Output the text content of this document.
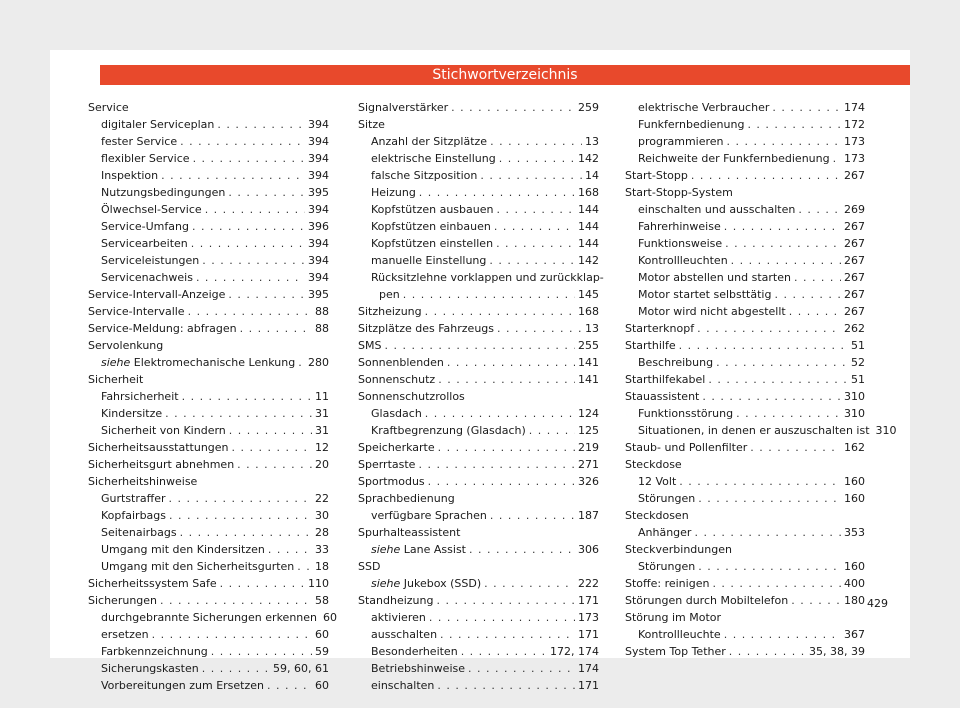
Stichwortverzeichnis
Service
digitaler Serviceplan . . .	394
fester Service . . .	394
flexibler Service . . .	394
Inspektion . . .	394
Nutzungsbedingungen . . .	395
Ölwechsel-Service . . .	394
Service-Umfang . . .	396
Servicearbeiten . . .	394
Serviceleistungen . . .	394
Servicenachweis . . .	394
Service-Intervall-Anzeige . . .	395
Service-Intervalle . . .	88
Service-Meldung: abfragen . . .	88
Servolenkung
siehe Elektromechanische Lenkung . . . 280
Sicherheit
Fahrsicherheit . . .	11
Kindersitze . . .	31
Sicherheit von Kindern . . .	31
Sicherheitsausstattungen . . .	12
Sicherheitsgurt abnehmen . . .	20
Sicherheitshinweise
Gurtstraffer . . .	22
Kopfairbags . . .	30
Seitenairbags . . .	28
Umgang mit den Kindersitzen . . .	33
Umgang mit den Sicherheitsgurten . . . 18
Sicherheitssystem Safe . . .	110
Sicherungen . . .	58
durchgebrannte Sicherungen erkennen 60
ersetzen . . .	60
Farbkennzeichnung . . .	59
Sicherungskasten . . .	59, 60, 61
Vorbereitungen zum Ersetzen . . .	60
Signalverstärker . . .	259
Sitze
Anzahl der Sitzplätze . . .	13
elektrische Einstellung . . .	142
falsche Sitzposition . . .	14
Heizung . . .	168
Kopfstützen ausbauen . . .	144
Kopfstützen einbauen . . .	144
Kopfstützen einstellen . . .	144
manuelle Einstellung . . .	142
Rücksitzlehne vorklappen und zurückklap-
pen . . .	145
Sitzheizung . . .	168
Sitzplätze des Fahrzeugs . . .	13
SMS . . .	255
Sonnenblenden . . .	141
Sonnenschutz . . .	141
Sonnenschutzrollos
Glasdach . . .	124
Kraftbegrenzung (Glasdach) . . .	125
Speicherkarte . . .	219
Sperrtaste . . .	271
Sportmodus . . .	326
Sprachbedienung
verfügbare Sprachen . . .	187
Spurhalteassistent
siehe Lane Assist . . .	306
SSD
siehe Jukebox (SSD) . . .	222
Standheizung . . .	171
aktivieren . . .	173
ausschalten . . .	171
Besonderheiten . . .	172, 174
Betriebshinweise . . .	174
einschalten . . .	171
elektrische Verbraucher . . .	174
Funkfernbedienung . . .	172
programmieren . . .	173
Reichweite der Funkfernbedienung . . . 173
Start-Stopp . . .	267
Start-Stopp-System
einschalten und ausschalten . . .	269
Fahrerhinweise . . .	267
Funktionsweise . . .	267
Kontrollleuchten . . .	267
Motor abstellen und starten . . .	267
Motor startet selbsttätig . . .	267
Motor wird nicht abgestellt . . .	267
Starterknopf . . .	262
Starthilfe . . .	51
Beschreibung . . .	52
Starthilfekabel . . .	51
Stauassistent . . .	310
Funktionsstörung . . .	310
Situationen, in denen er auszuschalten ist 310
Staub- und Pollenfilter . . .	162
Steckdose
12 Volt . . .	160
Störungen . . .	160
Steckdosen
Anhänger . . .	353
Steckverbindungen
Störungen . . .	160
Stoffe: reinigen . . .	400
Störungen durch Mobiltelefon . . .	180
Störung im Motor
Kontrollleuchte . . .	367
System Top Tether . . .	35, 38, 39
429
